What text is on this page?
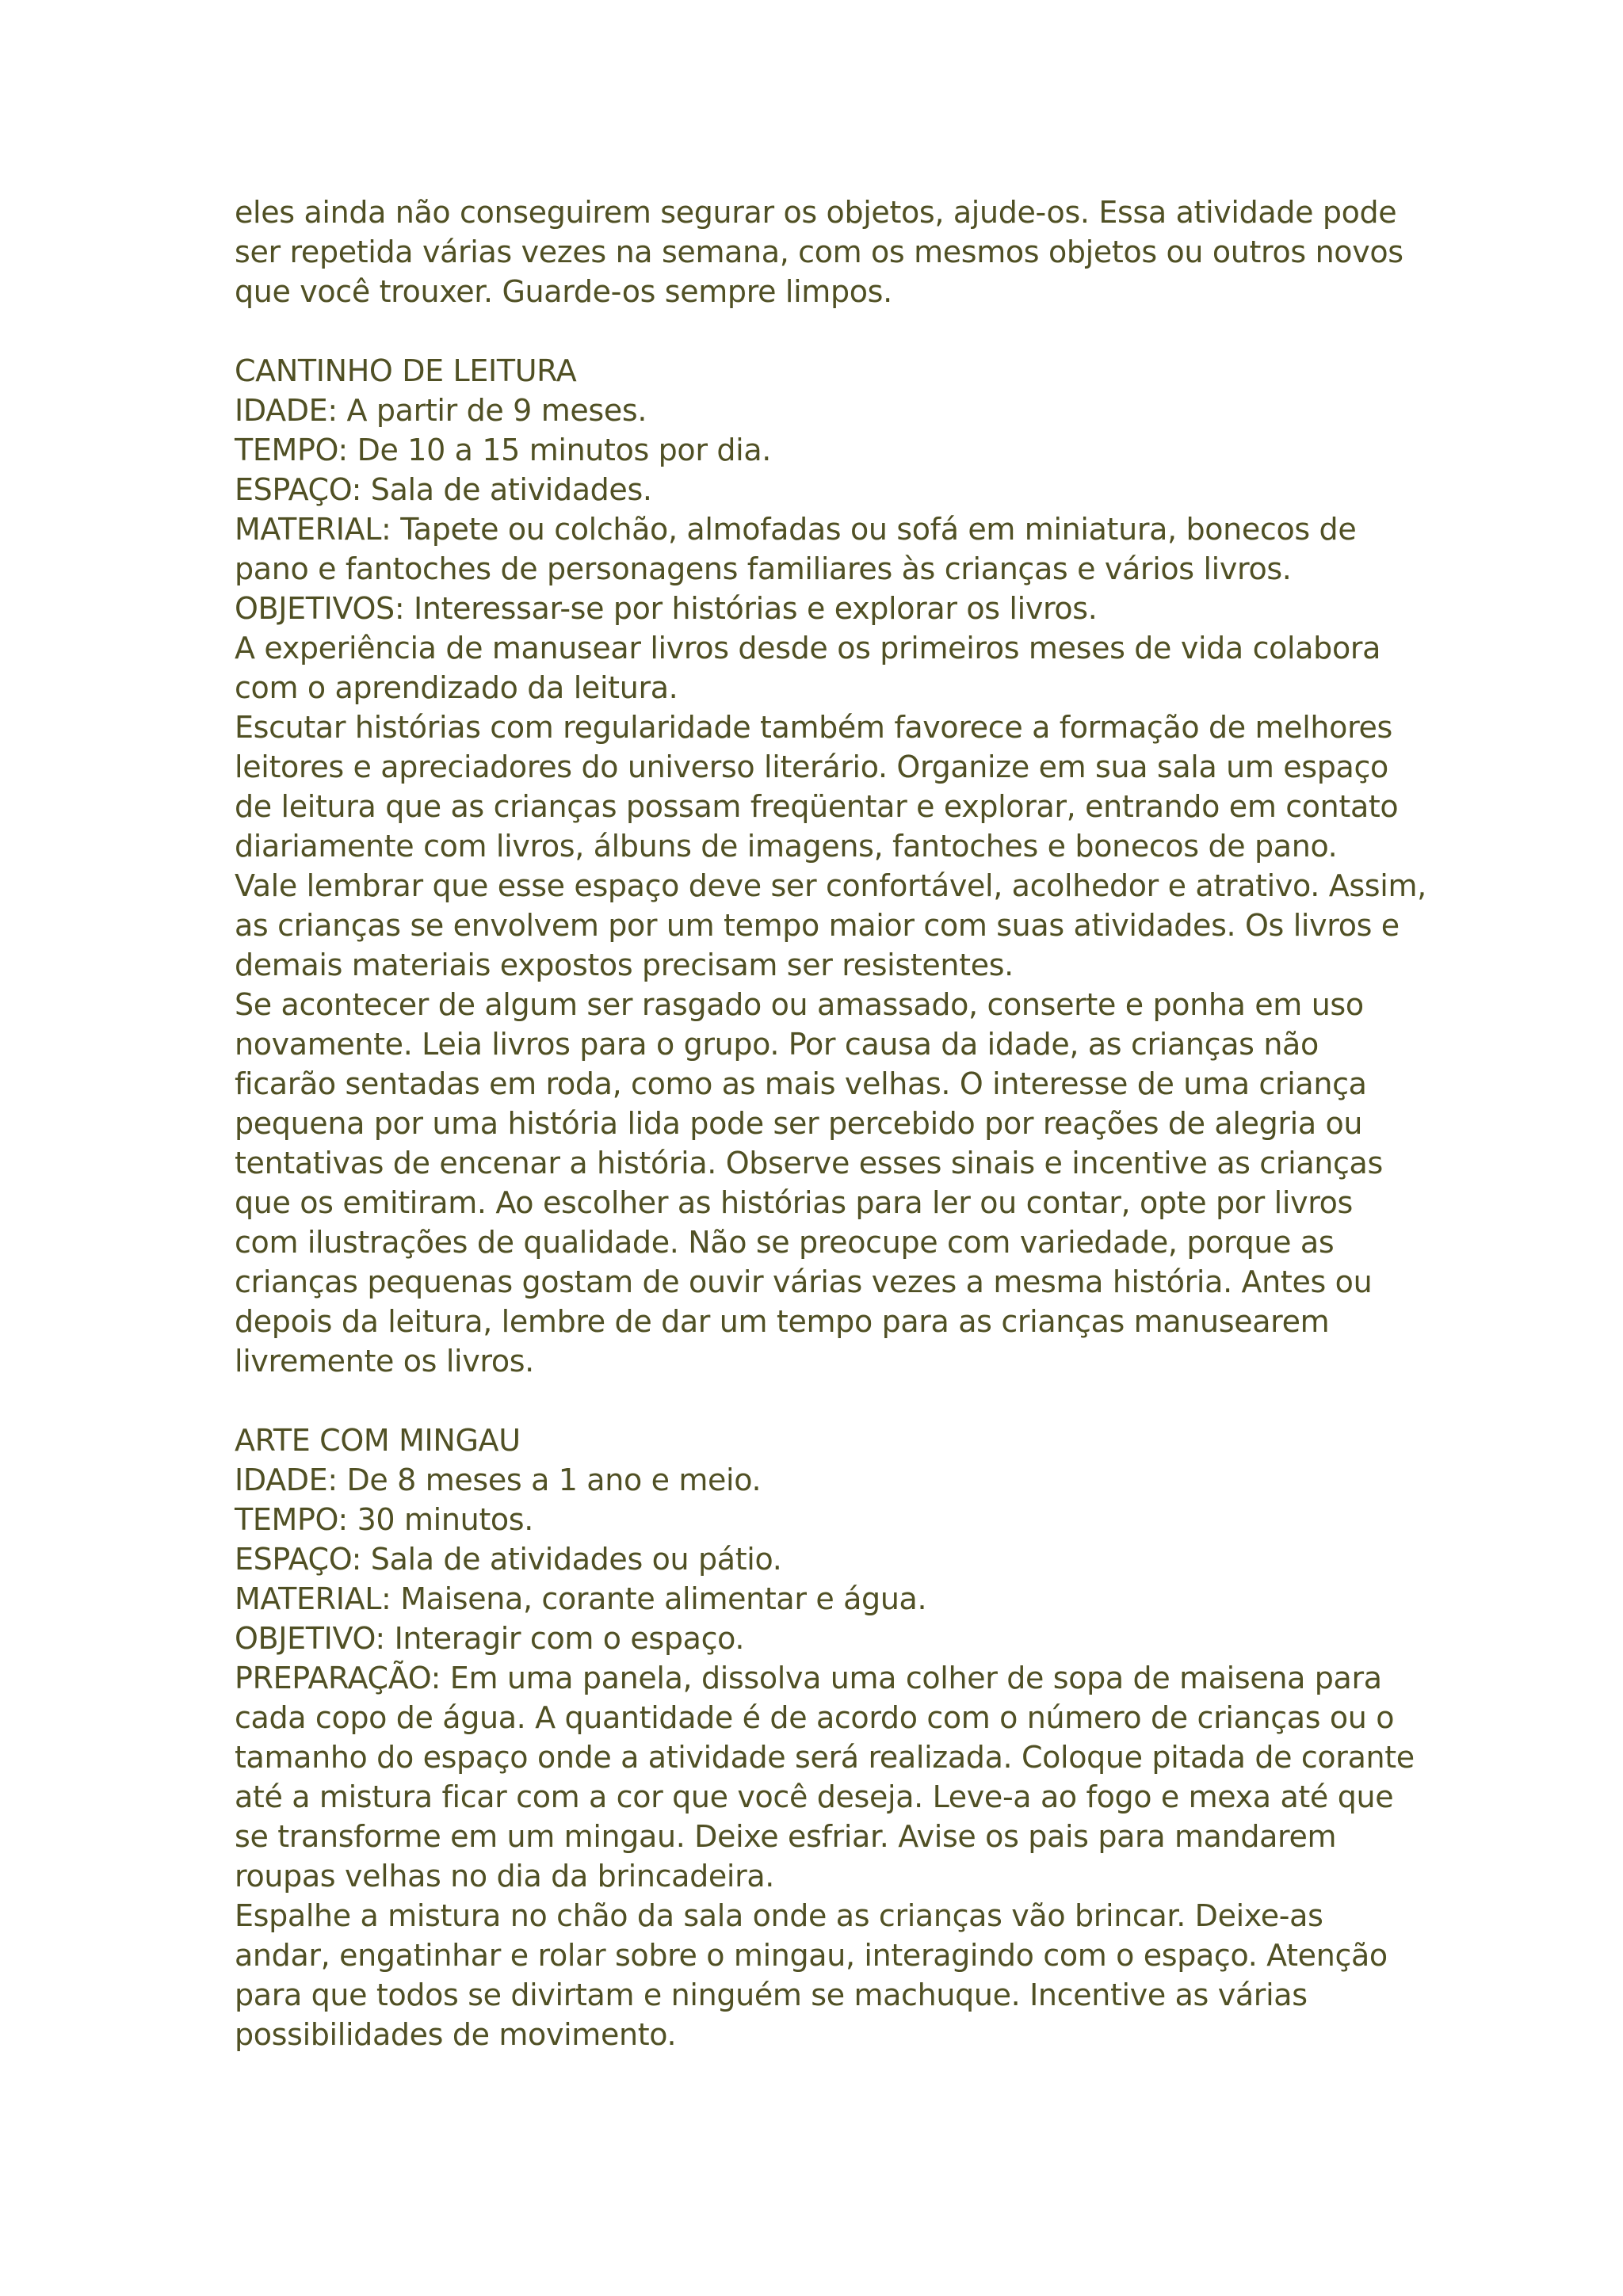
eles ainda não conseguirem segurar os objetos, ajude-os. Essa atividade pode
ser repetida várias vezes na semana, com os mesmos objetos ou outros novos
que você trouxer. Guarde-os sempre limpos.
CANTINHO DE LEITURA
IDADE: A partir de 9 meses.
TEMPO: De 10 a 15 minutos por dia.
ESPAÇO: Sala de atividades.
MATERIAL: Tapete ou colchão, almofadas ou sofá em miniatura, bonecos de
pano e fantoches de personagens familiares às crianças e vários livros.
OBJETIVOS: Interessar-se por histórias e explorar os livros.
A experiência de manusear livros desde os primeiros meses de vida colabora
com o aprendizado da leitura.
Escutar histórias com regularidade também favorece a formação de melhores
leitores e apreciadores do universo literário. Organize em sua sala um espaço
de leitura que as crianças possam freqüentar e explorar, entrando em contato
diariamente com livros, álbuns de imagens, fantoches e bonecos de pano.
Vale lembrar que esse espaço deve ser confortável, acolhedor e atrativo. Assim,
as crianças se envolvem por um tempo maior com suas atividades. Os livros e
demais materiais expostos precisam ser resistentes.
Se acontecer de algum ser rasgado ou amassado, conserte e ponha em uso
novamente. Leia livros para o grupo. Por causa da idade, as crianças não
ficarão sentadas em roda, como as mais velhas. O interesse de uma criança
pequena por uma história lida pode ser percebido por reações de alegria ou
tentativas de encenar a história. Observe esses sinais e incentive as crianças
que os emitiram. Ao escolher as histórias para ler ou contar, opte por livros
com ilustrações de qualidade. Não se preocupe com variedade, porque as
crianças pequenas gostam de ouvir várias vezes a mesma história. Antes ou
depois da leitura, lembre de dar um tempo para as crianças manusearem
livremente os livros.
ARTE COM MINGAU
IDADE: De 8 meses a 1 ano e meio.
TEMPO: 30 minutos.
ESPAÇO: Sala de atividades ou pátio.
MATERIAL: Maisena, corante alimentar e água.
OBJETIVO: Interagir com o espaço.
PREPARAÇÃO: Em uma panela, dissolva uma colher de sopa de maisena para
cada copo de água. A quantidade é de acordo com o número de crianças ou o
tamanho do espaço onde a atividade será realizada. Coloque pitada de corante
até a mistura ficar com a cor que você deseja. Leve-a ao fogo e mexa até que
se transforme em um mingau. Deixe esfriar. Avise os pais para mandarem
roupas velhas no dia da brincadeira.
Espalhe a mistura no chão da sala onde as crianças vão brincar. Deixe-as
andar, engatinhar e rolar sobre o mingau, interagindo com o espaço. Atenção
para que todos se divirtam e ninguém se machuque. Incentive as várias
possibilidades de movimento.
